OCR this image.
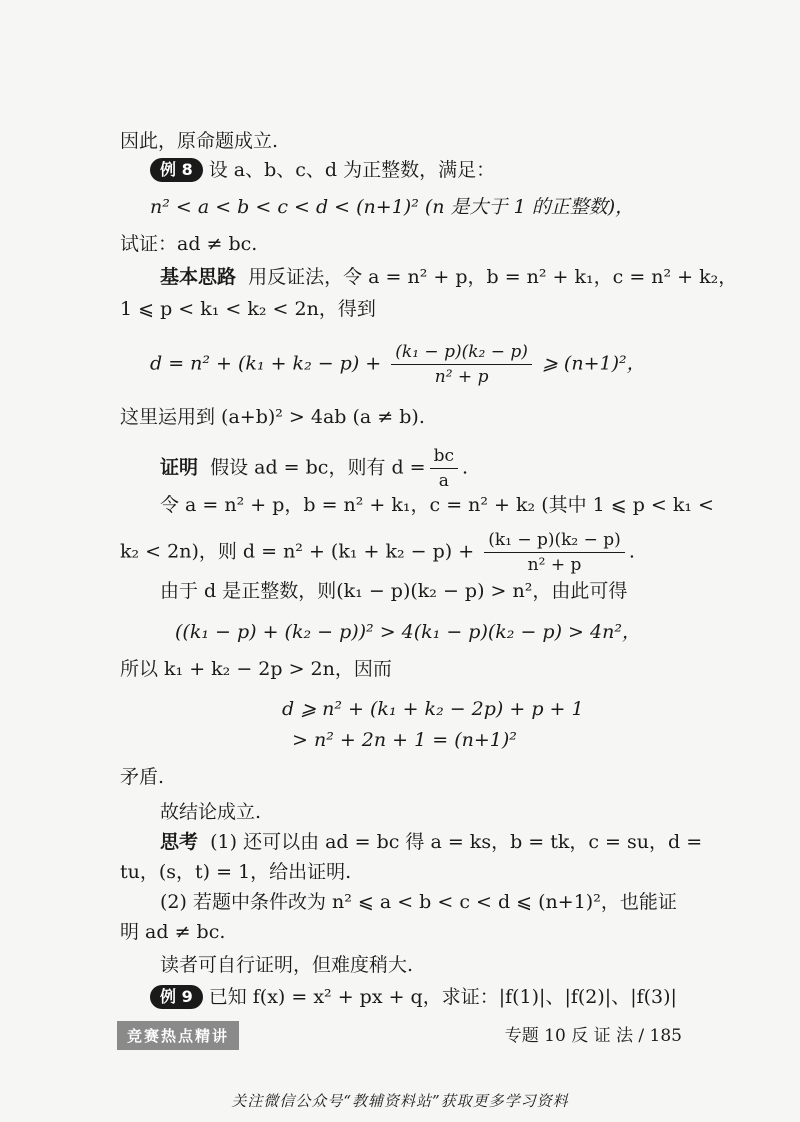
因此，原命题成立.
例 8 设 a、b、c、d 为正整数，满足：
n² < a < b < c < d < (n+1)² (n 是大于 1 的正整数)，
试证：ad ≠ bc.
基本思路 用反证法，令 a = n² + p，b = n² + k₁，c = n² + k₂，
1 ⩽ p < k₁ < k₂ < 2n，得到
$d = n^2 + (k_1 + k_2 - p) + \frac{\text{(k₁ − p)(k₂ − p)}}{\text{n² + p}}$ ⩾ (n+1)²，
这里运用到 (a+b)² > 4ab (a ≠ b).
证明 假设 ad = bc，则有 $d = \frac{bc}{a}$ .
令 a = n² + p，b = n² + k₁，c = n² + k₂ (其中 1 ⩽ p < k₁ <
k₂ < 2n)，则 $d = n^2 + (k_1 + k_2 - p) + \frac{\text{(k₁ − p)(k₂ − p)}}{\text{n² + p}}$ .
由于 d 是正整数，则(k₁ − p)(k₂ − p) > n²，由此可得
((k₁ − p) + (k₂ − p))² > 4(k₁ − p)(k₂ − p) > 4n²，
所以 k₁ + k₂ − 2p > 2n，因而
d ⩾ n² + (k₁ + k₂ − 2p) + p + 1
> n² + 2n + 1 = (n+1)²
矛盾.
故结论成立.
思考 (1) 还可以由 ad = bc 得 a = ks，b = tk，c = su，d =
tu，(s，t) = 1，给出证明.
(2) 若题中条件改为 n² ⩽ a < b < c < d ⩽ (n+1)²，也能证
明 ad ≠ bc.
读者可自行证明，但难度稍大.
例 9 已知 f(x) = x² + px + q，求证：|f(1)|、|f(2)|、|f(3)|
竞赛热点精讲	专题 10 反 证 法 / 185
关注微信公众号“教辅资料站”获取更多学习资料
